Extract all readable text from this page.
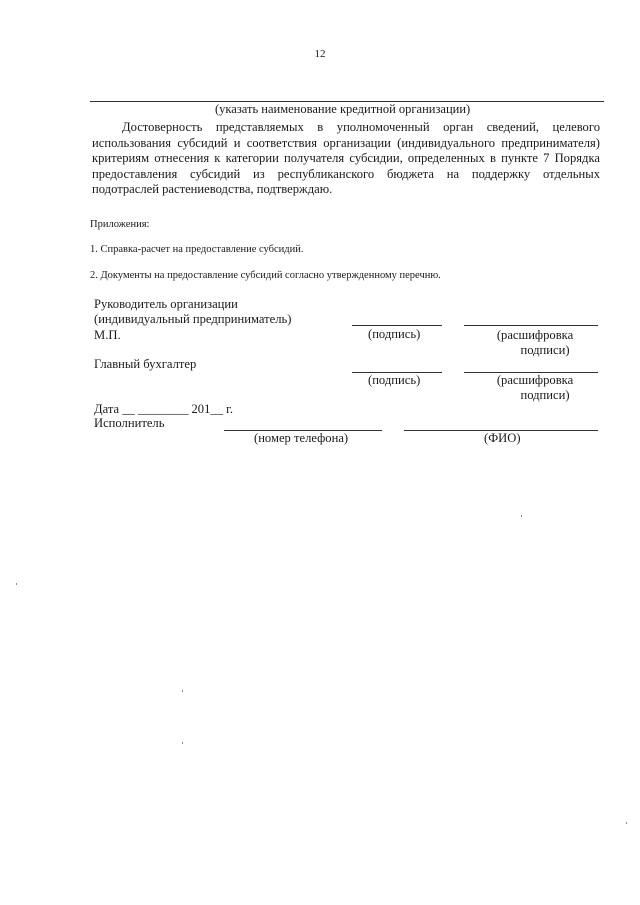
12
(указать наименование кредитной организации)
Достоверность представляемых в уполномоченный орган сведений, целевого использования субсидий и соответствия организации (индивидуального предпринимателя) критериям отнесения к категории получателя субсидии, определенных в пункте 7 Порядка предоставления субсидий из республиканского бюджета на поддержку отдельных подотраслей растениеводства, подтверждаю.
Приложения:
1. Справка-расчет на предоставление субсидий.
2. Документы на предоставление субсидий согласно утвержденному перечню.
Руководитель организации
(индивидуальный предприниматель)
М.П.	(подпись)	(расшифровка
подписи)
Главный бухгалтер
(подпись)	(расшифровка
подписи)
Дата __ ________ 201__ г.
Исполнитель
(номер телефона)	(ФИО)
